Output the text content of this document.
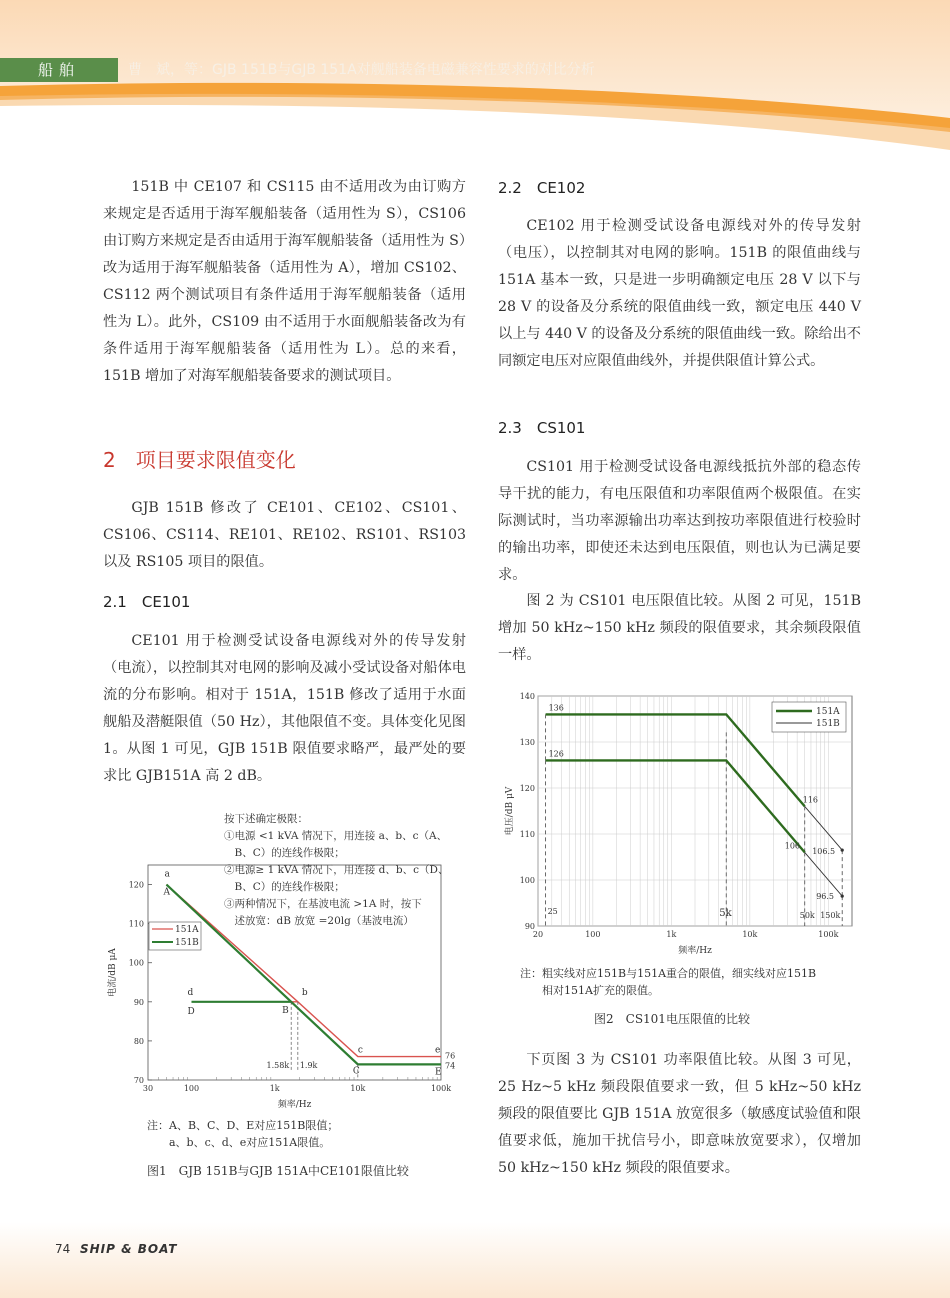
船舶	曹　斌，等：GJB 151B与GJB 151A对舰船装备电磁兼容性要求的对比分析

151B 中 CE107 和 CS115 由不适用改为由订购方来规定是否适用于海军舰船装备（适用性为 S），CS106 由订购方来规定是否由适用于海军舰船装备（适用性为 S）改为适用于海军舰船装备（适用性为 A），增加 CS102、CS112 两个测试项目有条件适用于海军舰船装备（适用性为 L）。此外，CS109 由不适用于水面舰船装备改为有条件适用于海军舰船装备（适用性为 L）。总的来看，151B 增加了对海军舰船装备要求的测试项目。

2　项目要求限值变化

GJB 151B 修改了 CE101、CE102、CS101、CS106、CS114、RE101、RE102、RS101、RS103 以及 RS105 项目的限值。

2.1　CE101

CE101 用于检测受试设备电源线对外的传导发射（电流），以控制其对电网的影响及减小受试设备对船体电流的分布影响。相对于 151A，151B 修改了适用于水面舰船及潜艇限值（50 Hz），其他限值不变。具体变化见图 1。从图 1 可见，GJB 151B 限值要求略严，最严处的要求比 GJB151A 高 2 dB。

按下述确定极限：
①电源 <1 kVA 情况下，用连接 a、b、c（A、
　B、C）的连线作极限；
②电源≥ 1 kVA 情况下，用连接 d、b、c（D、
　B、C）的连线作极限；
③两种情况下，在基波电流 >1A 时，按下
　述放宽：dB 放宽 =20lg（基波电流）
70
80
90
100
110
120
30	100	1k	10k	100k
频率/Hz
电流/dB μA
1.58k 1.9k
76
74
a
b
c
d
e
A
B
C
D
E
151A
151B
注：A、B、C、D、E对应151B限值；
　　a、b、c、d、e对应151A限值。
图1　GJB 151B与GJB 151A中CE101限值比较
2.2　CE102

CE102 用于检测受试设备电源线对外的传导发射（电压），以控制其对电网的影响。151B 的限值曲线与 151A 基本一致，只是进一步明确额定电压 28 V 以下与 28 V 的设备及分系统的限值曲线一致，额定电压 440 V 以上与 440 V 的设备及分系统的限值曲线一致。除给出不同额定电压对应限值曲线外，并提供限值计算公式。

2.3　CS101

CS101 用于检测受试设备电源线抵抗外部的稳态传导干扰的能力，有电压限值和功率限值两个极限值。在实际测试时，当功率源输出功率达到按功率限值进行校验时的输出功率，即使还未达到电压限值，则也认为已满足要求。

图 2 为 CS101 电压限值比较。从图 2 可见，151B 增加 50 kHz~150 kHz 频段的限值要求，其余频段限值一样。

90
100
110
120
130
140
20	100	1k	10k	100k
频率/Hz
电压/dB μV
136
126
116
106.5
106
96.5
25	5k	50k 150k
151A
151B
注：粗实线对应151B与151A重合的限值，细实线对应151B
　　相对151A扩充的限值。
图2　CS101电压限值的比较

下页图 3 为 CS101 功率限值比较。从图 3 可见，25 Hz~5 kHz 频段限值要求一致，但 5 kHz~50 kHz 频段的限值要比 GJB 151A 放宽很多（敏感度试验值和限值要求低，施加干扰信号小，即意味放宽要求），仅增加 50 kHz~150 kHz 频段的限值要求。

74 SHIP & BOAT
